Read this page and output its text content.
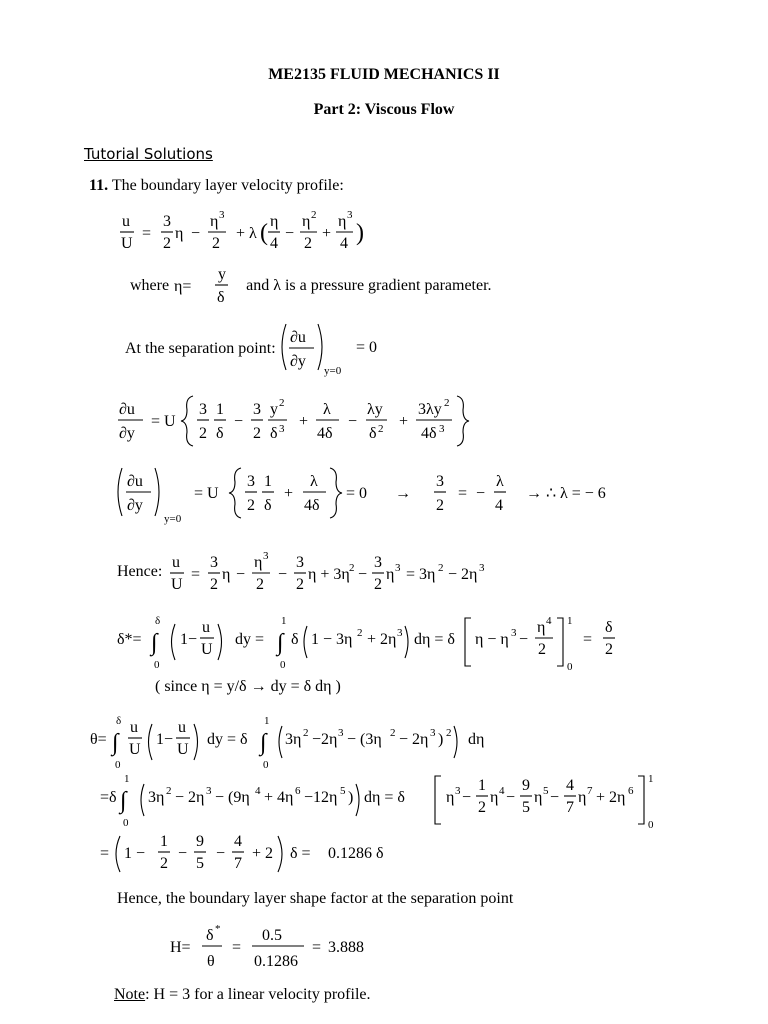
ME2135 FLUID MECHANICS II
Part 2: Viscous Flow
Tutorial Solutions
11. The boundary layer velocity profile:
u
U
=
3
2
η −
η 3
2
+ λ ( η
4
−
η 2
2
+
η 3
4 )
where η=
y
δ
and λ is a pressure gradient parameter.
At the separation point:
∂u
∂y
y=0
= 0
∂u
∂y
= U
3
2
1
δ
−
3
2
y 2
δ 3 +
λ
4δ
−
λy
δ 2 +
3λy 2
4δ 3
∂u
∂y
y=0
= U
3
2
1
δ
+
λ
4δ
= 0 →
3
2
= −
λ
4
→ ∴ λ = − 6
Hence:
u
U
=
3
2
η −
η 3
2
−
3
2
η + 3η 2 −
3
2
η 3 = 3η 2 − 2η 3
δ*=
δ
∫
0
1−
u
U
dy =
1
∫
0
δ 1 − 3η 2 + 2η 3 dη = δ η − η 3 −
η 4
2
1
0
=
δ
2
( since η = y/δ → dy = δ dη )
θ=
δ
∫
0
u
U
1−
u
U
dy = δ
1
∫
0
3η 2 −2η 3 − (3η 2 − 2η 3 ) 2 dη
=δ
1
∫
0
3η 2 − 2η 3 − (9η 4 + 4η 6 −12η 5 ) dη = δ	η 3 −
1
2
η 4 −
9
5
η 5 −
4
7
η 7 + 2η 6
1
0
= 1 −
1
2
−
9
5
−
4
7
+ 2 δ = 0.1286 δ
Hence, the boundary layer shape factor at the separation point
H=
δ *
θ
=
0.5
0.1286
= 3.888
Note: H = 3 for a linear velocity profile.
